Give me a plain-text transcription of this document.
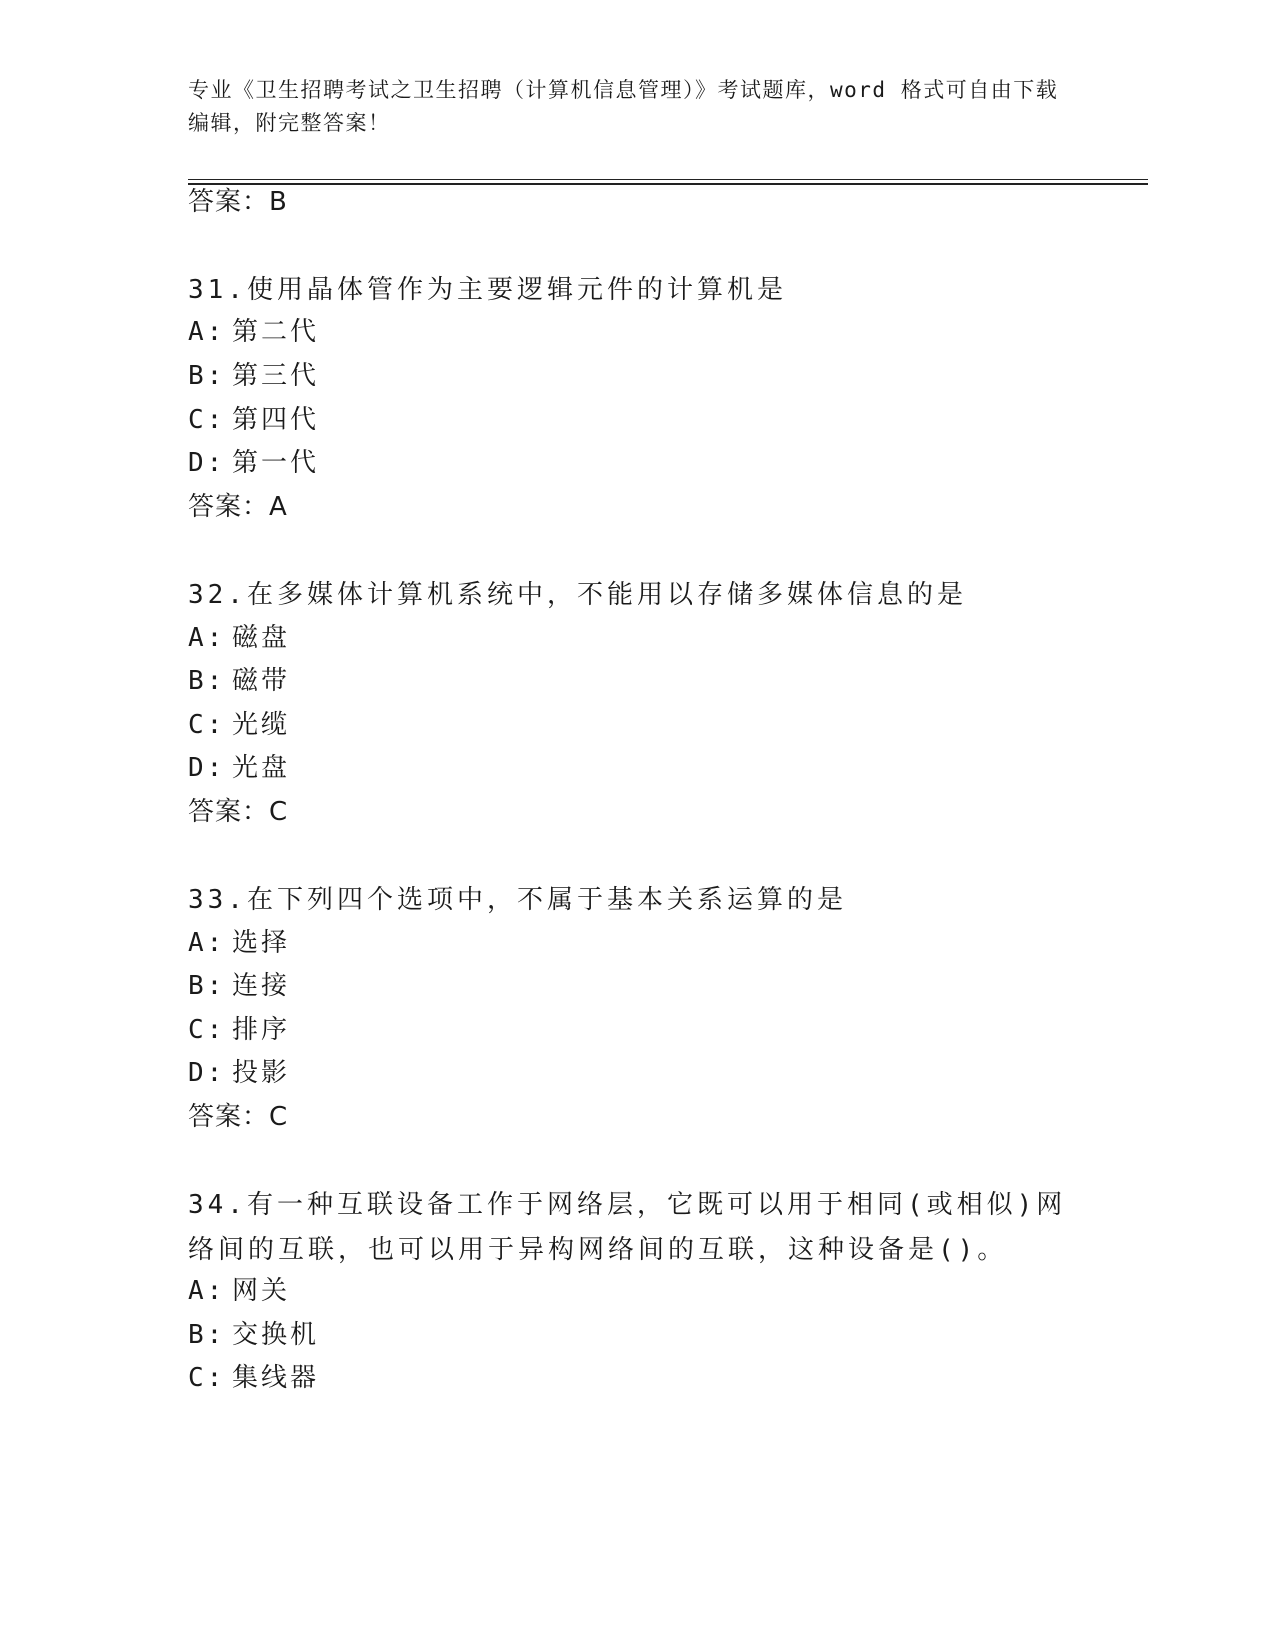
专业《卫生招聘考试之卫生招聘（计算机信息管理）》考试题库，word 格式可自由下载编辑，附完整答案！
答案：B
31.使用晶体管作为主要逻辑元件的计算机是
A: 第二代
B: 第三代
C: 第四代
D: 第一代
答案：A
32.在多媒体计算机系统中，不能用以存储多媒体信息的是
A: 磁盘
B: 磁带
C: 光缆
D: 光盘
答案：C
33.在下列四个选项中，不属于基本关系运算的是
A: 选择
B: 连接
C: 排序
D: 投影
答案：C
34.有一种互联设备工作于网络层，它既可以用于相同(或相似)网络间的互联，也可以用于异构网络间的互联，这种设备是()。
A: 网关
B: 交换机
C: 集线器
